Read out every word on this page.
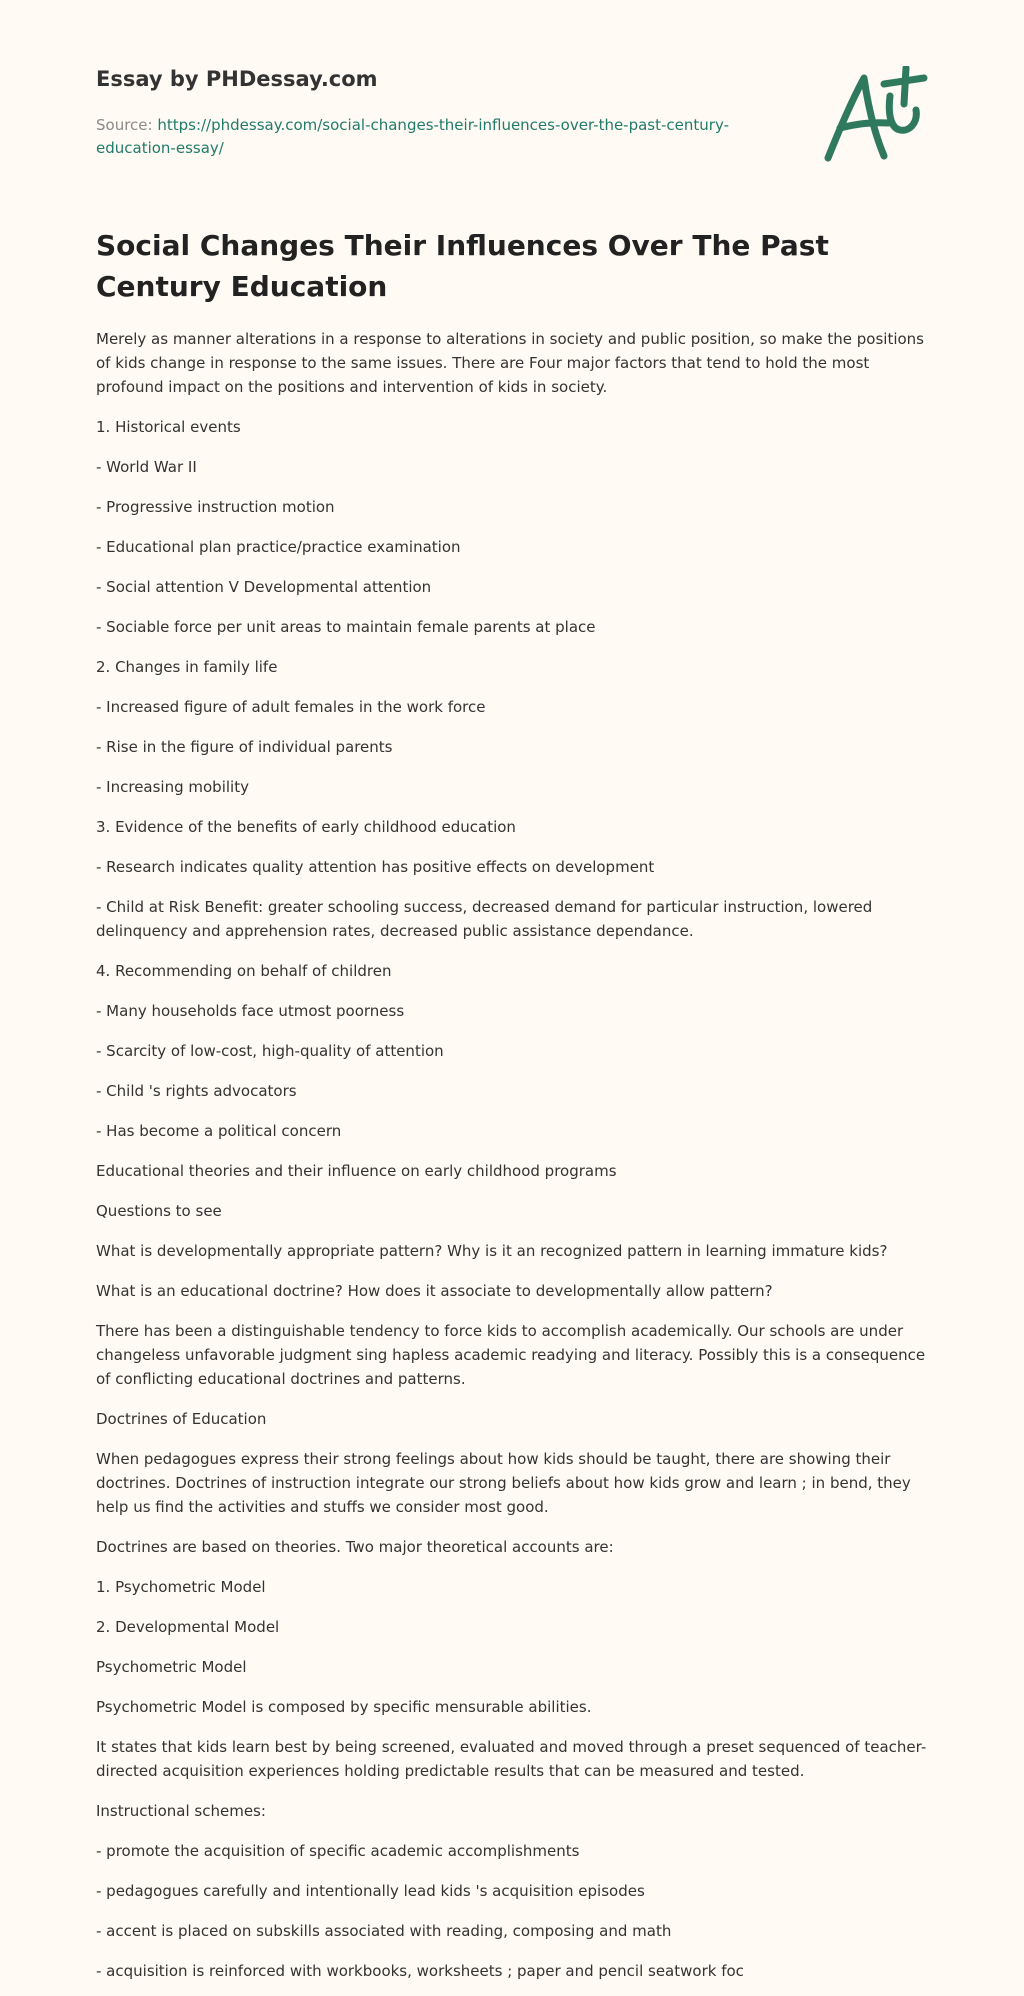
Essay by PHDessay.com
Source: https://phdessay.com/social-changes-their-influences-over-the-past-century-education-essay/
Social Changes Their Influences Over The Past Century Education

Merely as manner alterations in a response to alterations in society and public position, so make the positions of kids change in response to the same issues. There are Four major factors that tend to hold the most profound impact on the positions and intervention of kids in society.

1. Historical events

- World War II

- Progressive instruction motion

- Educational plan practice/practice examination

- Social attention V Developmental attention

- Sociable force per unit areas to maintain female parents at place

2. Changes in family life

- Increased figure of adult females in the work force

- Rise in the figure of individual parents

- Increasing mobility

3. Evidence of the benefits of early childhood education

- Research indicates quality attention has positive effects on development

- Child at Risk Benefit: greater schooling success, decreased demand for particular instruction, lowered delinquency and apprehension rates, decreased public assistance dependance.

4. Recommending on behalf of children

- Many households face utmost poorness

- Scarcity of low-cost, high-quality of attention

- Child 's rights advocators

- Has become a political concern

Educational theories and their influence on early childhood programs

Questions to see

What is developmentally appropriate pattern? Why is it an recognized pattern in learning immature kids?

What is an educational doctrine? How does it associate to developmentally allow pattern?

There has been a distinguishable tendency to force kids to accomplish academically. Our schools are under changeless unfavorable judgment sing hapless academic readying and literacy. Possibly this is a consequence of conflicting educational doctrines and patterns.

Doctrines of Education

When pedagogues express their strong feelings about how kids should be taught, there are showing their doctrines. Doctrines of instruction integrate our strong beliefs about how kids grow and learn ; in bend, they help us find the activities and stuffs we consider most good.

Doctrines are based on theories. Two major theoretical accounts are:

1. Psychometric Model

2. Developmental Model

Psychometric Model

Psychometric Model is composed by specific mensurable abilities.

It states that kids learn best by being screened, evaluated and moved through a preset sequenced of teacher-directed acquisition experiences holding predictable results that can be measured and tested.

Instructional schemes:

- promote the acquisition of specific academic accomplishments

- pedagogues carefully and intentionally lead kids 's acquisition episodes

- accent is placed on subskills associated with reading, composing and math

- acquisition is reinforced with workbooks, worksheets ; paper and pencil seatwork foc
